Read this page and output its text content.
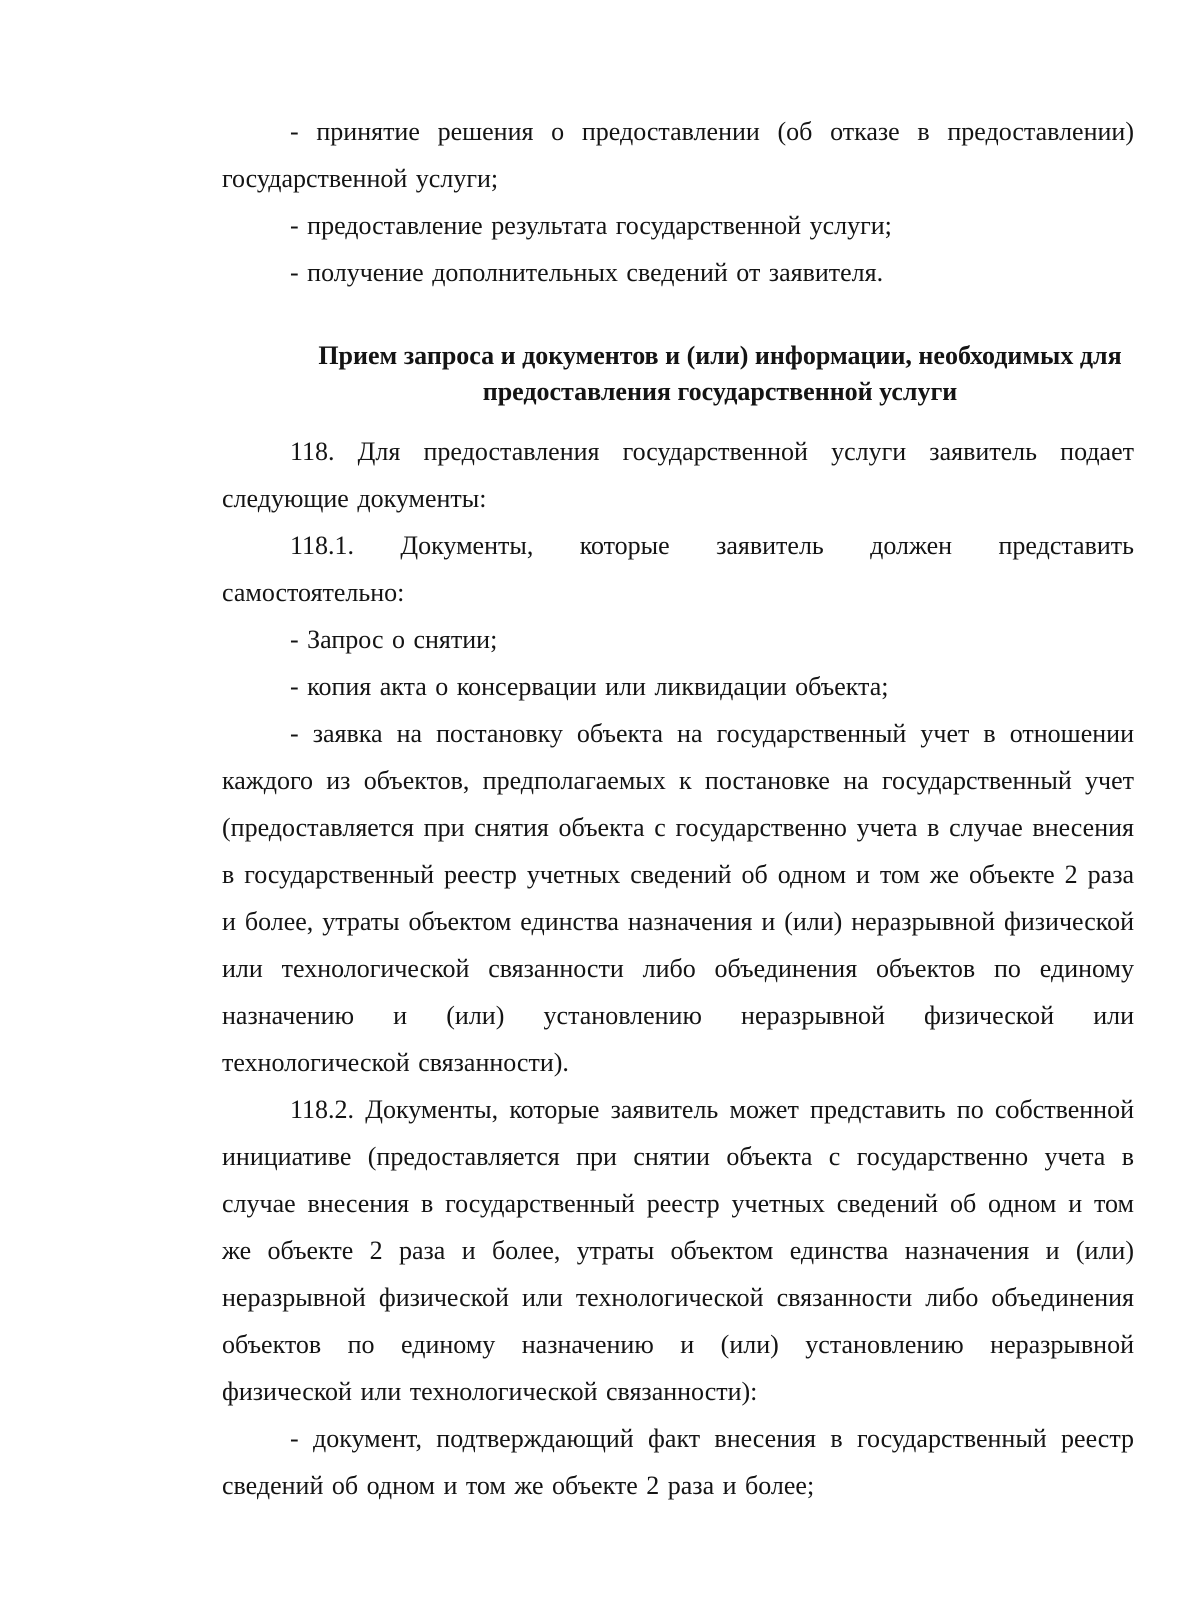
- принятие решения о предоставлении (об отказе в предоставлении) государственной услуги;

- предоставление результата государственной услуги;

- получение дополнительных сведений от заявителя.

Прием запроса и документов и (или) информации, необходимых для предоставления государственной услуги

118. Для предоставления государственной услуги заявитель подает следующие документы:

118.1. Документы, которые заявитель должен представить самостоятельно:

- Запрос о снятии;

- копия акта о консервации или ликвидации объекта;

- заявка на постановку объекта на государственный учет в отношении каждого из объектов, предполагаемых к постановке на государственный учет (предоставляется при снятия объекта с государственно учета в случае внесения в государственный реестр учетных сведений об одном и том же объекте 2 раза и более, утраты объектом единства назначения и (или) неразрывной физической или технологической связанности либо объединения объектов по единому назначению и (или) установлению неразрывной физической или технологической связанности).

118.2. Документы, которые заявитель может представить по собственной инициативе (предоставляется при снятии объекта с государственно учета в случае внесения в государственный реестр учетных сведений об одном и том же объекте 2 раза и более, утраты объектом единства назначения и (или) неразрывной физической или технологической связанности либо объединения объектов по единому назначению и (или) установлению неразрывной физической или технологической связанности):

- документ, подтверждающий факт внесения в государственный реестр сведений об одном и том же объекте 2 раза и более;
